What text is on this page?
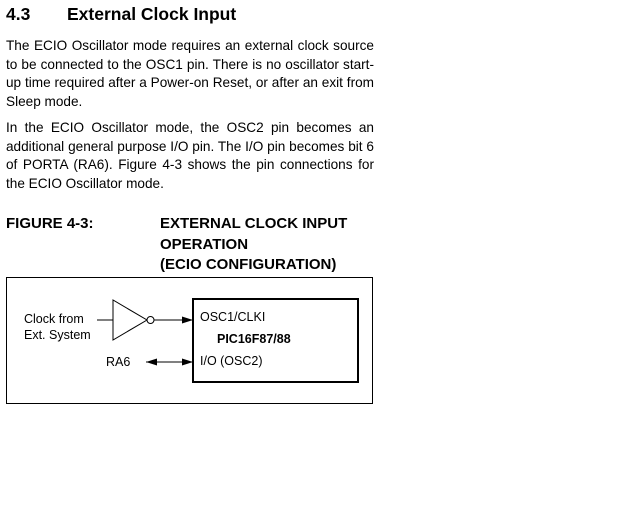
4.3 External Clock Input

The ECIO Oscillator mode requires an external clock source to be connected to the OSC1 pin. There is no oscillator start-up time required after a Power-on Reset, or after an exit from Sleep mode.

In the ECIO Oscillator mode, the OSC2 pin becomes an additional general purpose I/O pin. The I/O pin becomes bit 6 of PORTA (RA6). Figure 4-3 shows the pin connections for the ECIO Oscillator mode.

FIGURE 4-3:	EXTERNAL CLOCK INPUT
OPERATION
(ECIO CONFIGURATION)
Clock from
Ext. System
OSC1/CLKI
PIC16F87/88
I/O (OSC2)
RA6
